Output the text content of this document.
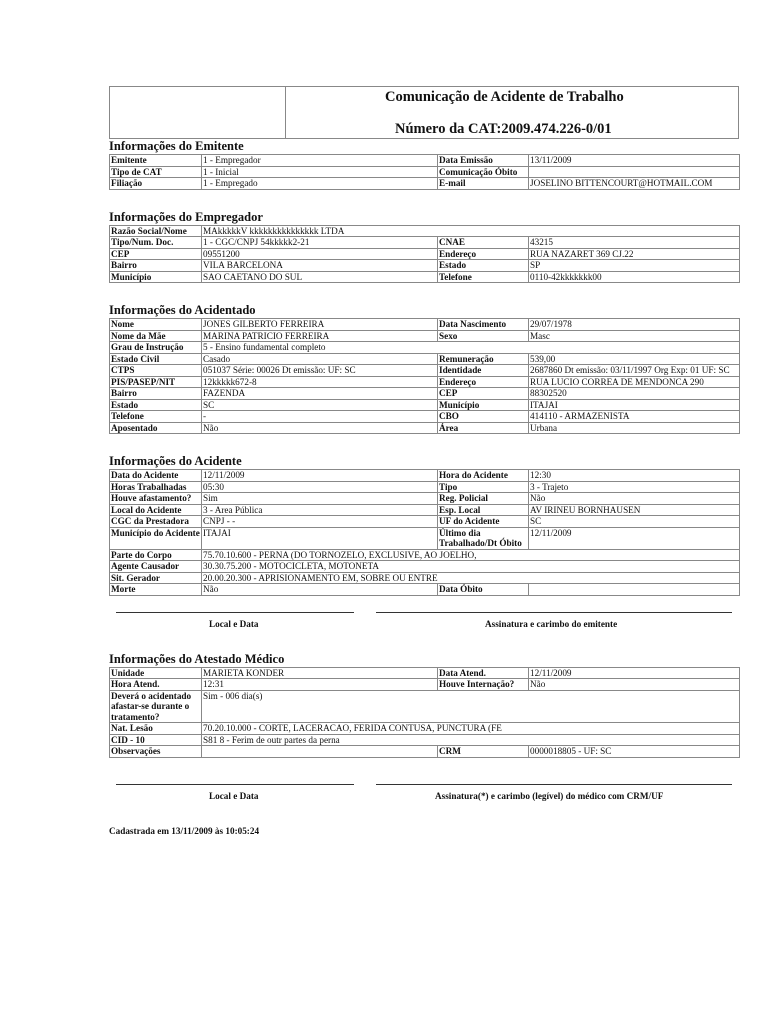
Comunicação de Acidente de Trabalho
Número da CAT:2009.474.226-0/01
Informações do Emitente
Emitente	1 - Empregador	Data Emissão	13/11/2009
Tipo de CAT	1 - Inicial	Comunicação Óbito	
Filiação	1 - Empregado	E-mail	JOSELINO BITTENCOURT@HOTMAIL.COM
Informações do Empregador
Razão Social/Nome	MAkkkkkV kkkkkkkkkkkkkkk LTDA		
Tipo/Num. Doc.	1 - CGC/CNPJ 54kkkkk2-21	CNAE	43215
CEP	09551200	Endereço	RUA NAZARET 369 CJ.22
Bairro	VILA BARCELONA	Estado	SP
Município	SAO CAETANO DO SUL	Telefone	0110-42kkkkkkk00
Informações do Acidentado
Nome	JONES GILBERTO FERREIRA	Data Nascimento	29/07/1978
Nome da Mãe	MARINA PATRICIO FERREIRA	Sexo	Masc
Grau de Instrução	5 - Ensino fundamental completo		
Estado Civil	Casado	Remuneração	539,00
CTPS	051037 Série: 00026 Dt emissão: UF: SC	Identidade	2687860 Dt emissão: 03/11/1997 Org Exp: 01 UF: SC
PIS/PASEP/NIT	12kkkkk672-8	Endereço	RUA LUCIO CORREA DE MENDONCA 290
Bairro	FAZENDA	CEP	88302520
Estado	SC	Município	ITAJAI
Telefone	-	CBO	414110 - ARMAZENISTA
Aposentado	Não	Área	Urbana
Informações do Acidente
Data do Acidente	12/11/2009	Hora do Acidente	12:30
Horas Trabalhadas	05:30	Tipo	3 - Trajeto
Houve afastamento?	Sim	Reg. Policial	Não
Local do Acidente	3 - Area Pública	Esp. Local	AV IRINEU BORNHAUSEN
CGC da Prestadora	CNPJ - -	UF do Acidente	SC
Município do Acidente	ITAJAI	Último dia Trabalhado/Dt Óbito	12/11/2009
Parte do Corpo	75.70.10.600 - PERNA (DO TORNOZELO, EXCLUSIVE, AO JOELHO,		
Agente Causador	30.30.75.200 - MOTOCICLETA, MOTONETA		
Sit. Gerador	20.00.20.300 - APRISIONAMENTO EM, SOBRE OU ENTRE		
Morte	Não	Data Óbito	
Local e Data	Assinatura e carimbo do emitente
Informações do Atestado Médico
Unidade	MARIETA KONDER	Data Atend.	12/11/2009
Hora Atend.	12:31	Houve Internação?	Não
Deverá o acidentado afastar-se durante o tratamento?	Sim - 006 dia(s)		
Nat. Lesão	70.20.10.000 - CORTE, LACERACAO, FERIDA CONTUSA, PUNCTURA (FE		
CID - 10	S81 8 - Ferim de outr partes da perna		
Observações		CRM	0000018805 - UF: SC
Local e Data	Assinatura(*) e carimbo (legível) do médico com CRM/UF
Cadastrada em 13/11/2009 às 10:05:24
